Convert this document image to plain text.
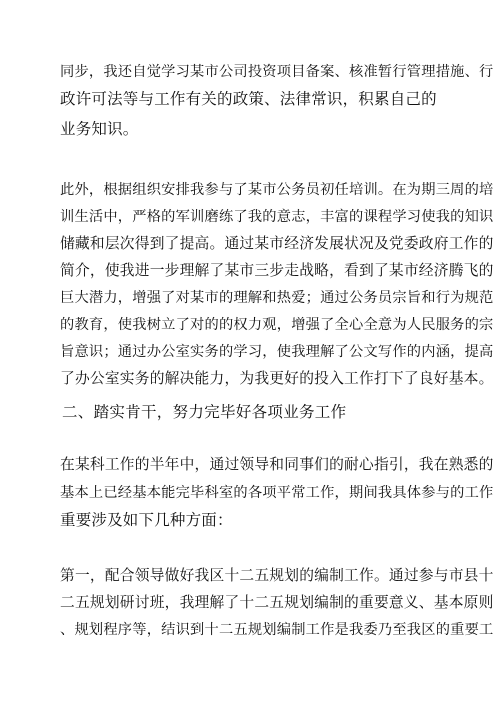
同步，我还自觉学习某市公司投资项目备案、核准暂行管理措施、行
政许可法等与工作有关的政策、法律常识，积累自己的
业务知识。
此外，根据组织安排我参与了某市公务员初任培训。在为期三周的培
训生活中，严格的军训磨练了我的意志，丰富的课程学习使我的知识
储藏和层次得到了提高。通过某市经济发展状况及党委政府工作的
简介，使我进一步理解了某市三步走战略，看到了某市经济腾飞的
巨大潜力，增强了对某市的理解和热爱；通过公务员宗旨和行为规范
的教育，使我树立了对的的权力观，增强了全心全意为人民服务的宗
旨意识；通过办公室实务的学习，使我理解了公文写作的内涵，提高
了办公室实务的解决能力，为我更好的投入工作打下了良好基本。
二、踏实肯干，努力完毕好各项业务工作
在某科工作的半年中，通过领导和同事们的耐心指引，我在熟悉的
基本上已经基本能完毕科室的各项平常工作，期间我具体参与的工作
重要涉及如下几种方面：
第一，配合领导做好我区十二五规划的编制工作。通过参与市县十
二五规划研讨班，我理解了十二五规划编制的重要意义、基本原则
、规划程序等，结识到十二五规划编制工作是我委乃至我区的重要工
